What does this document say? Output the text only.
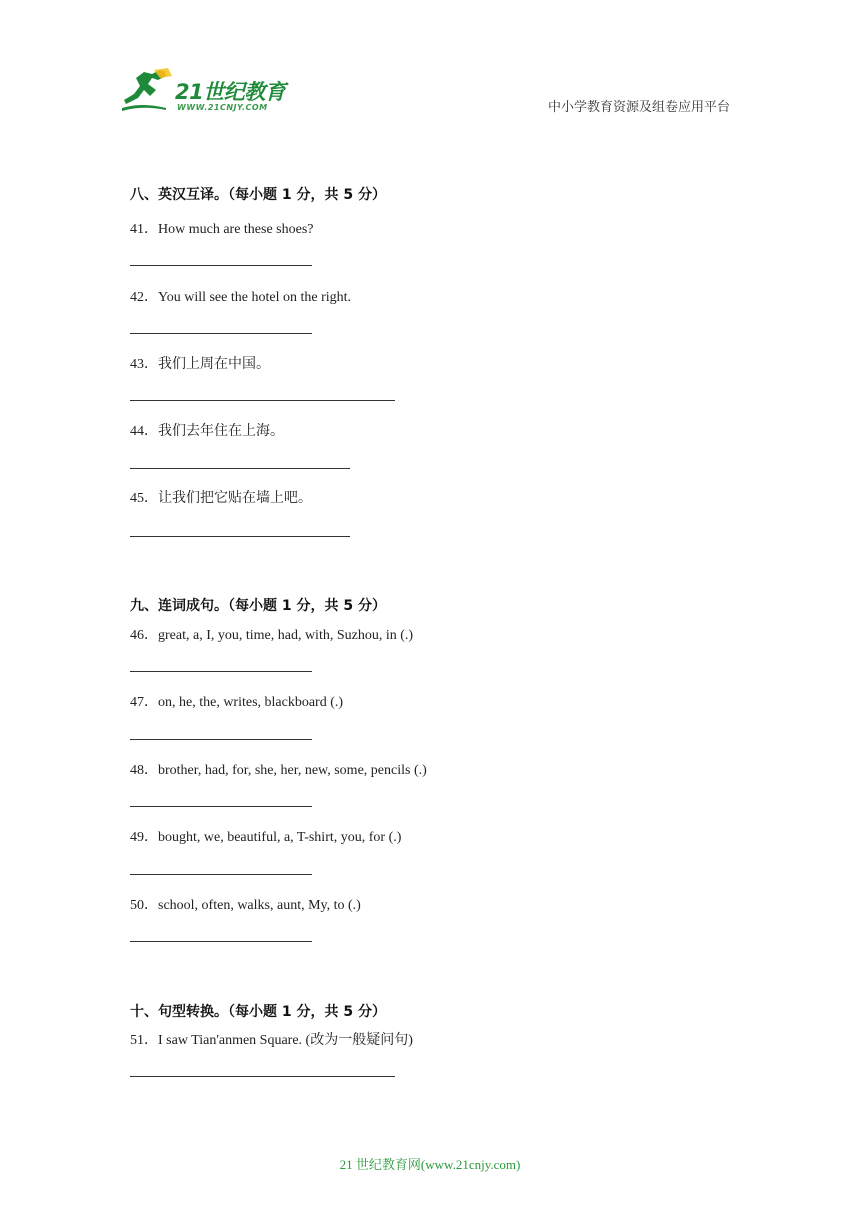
21世纪教育
WWW.21CNJY.COM	中小学教育资源及组卷应用平台
八、英汉互译。（每小题 1 分，共 5 分）
41．How much are these shoes?
42．You will see the hotel on the right.
43．我们上周在中国。
44．我们去年住在上海。
45．让我们把它贴在墙上吧。
九、连词成句。（每小题 1 分，共 5 分）
46．great, a, I, you, time, had, with, Suzhou, in (.)
47．on, he, the, writes, blackboard (.)
48．brother, had, for, she, her, new, some, pencils (.)
49．bought, we, beautiful, a, T-shirt, you, for (.)
50．school, often, walks, aunt, My, to (.)
十、句型转换。（每小题 1 分，共 5 分）
51．I saw Tian'anmen Square. (改为一般疑问句)
21 世纪教育网(www.21cnjy.com)
